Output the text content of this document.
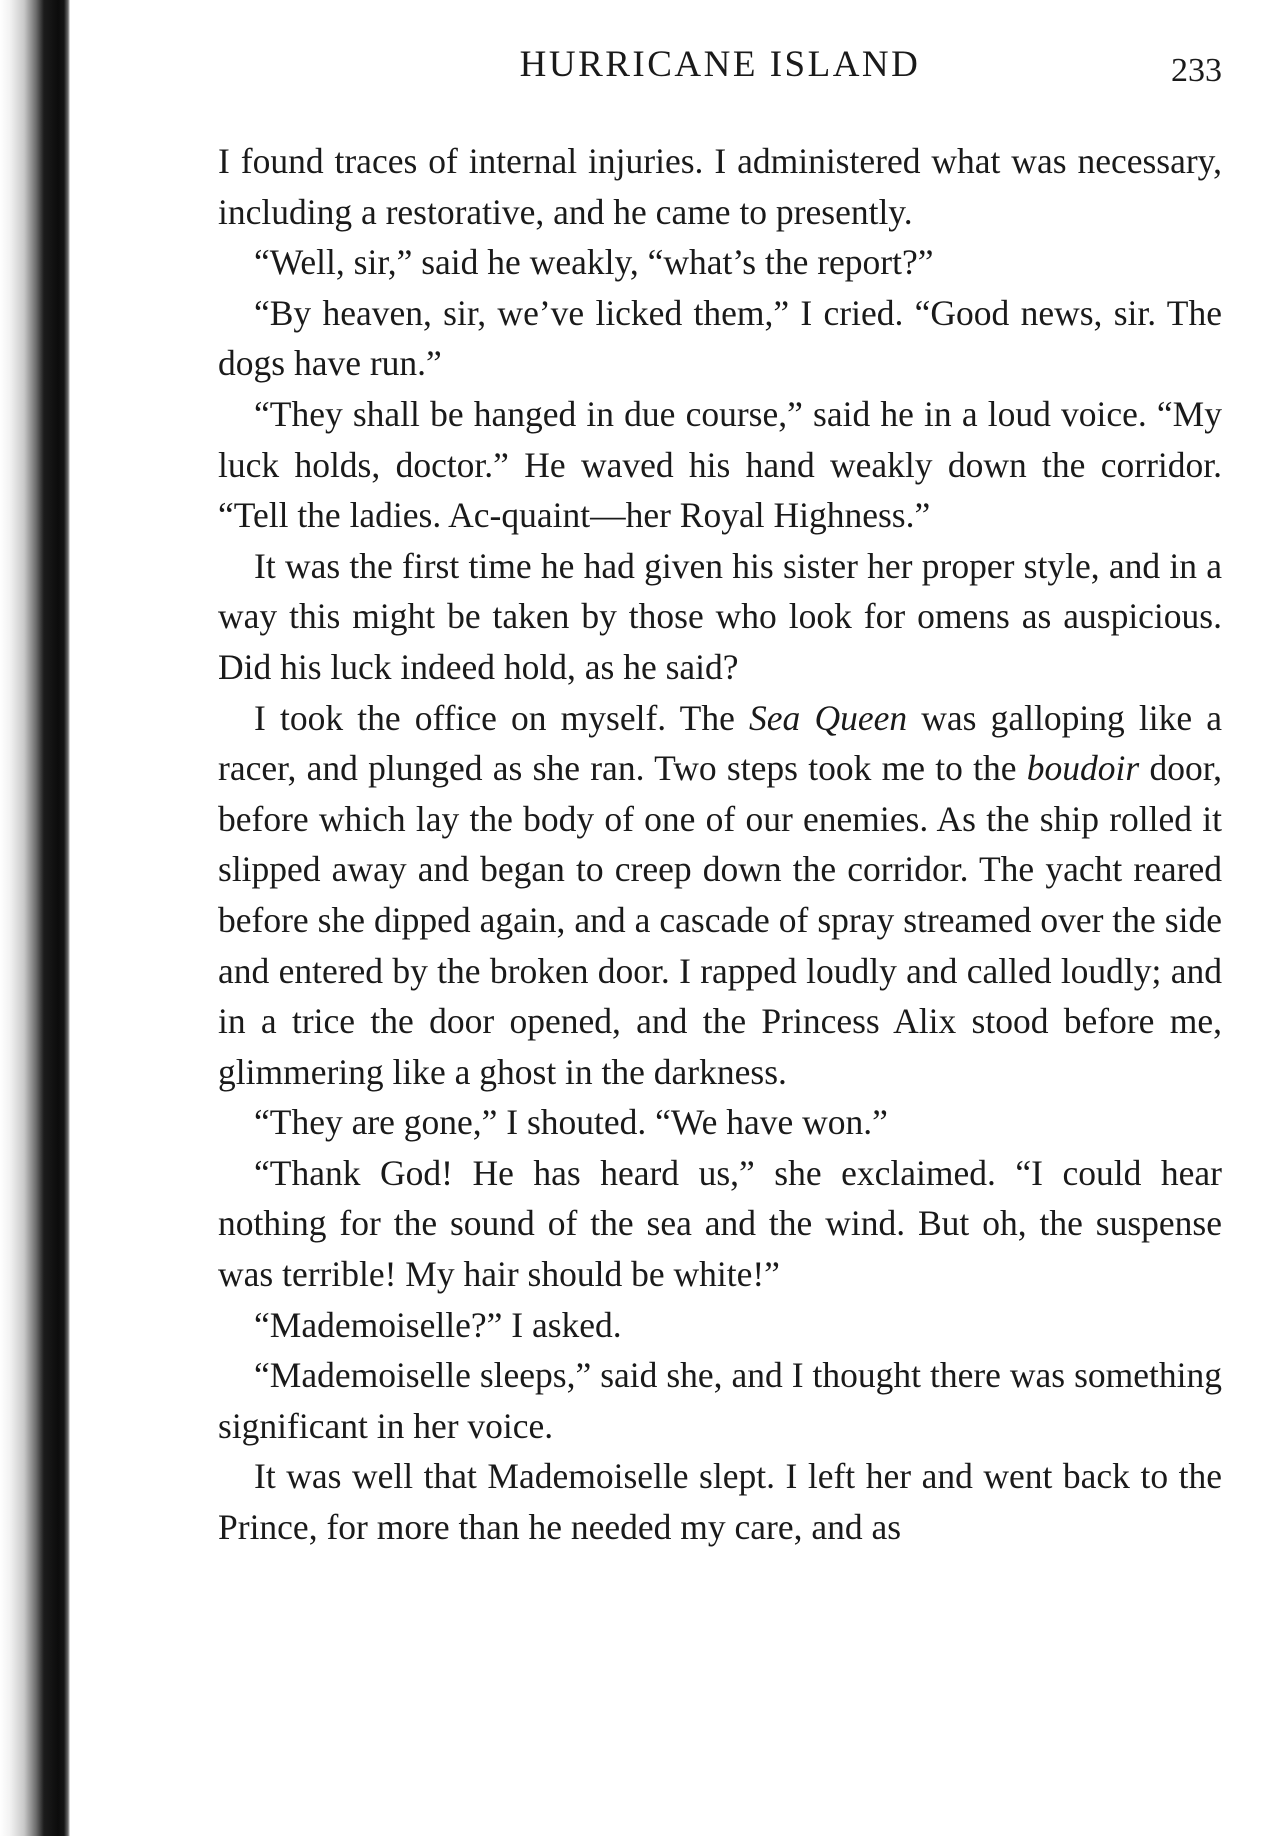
HURRICANE ISLAND	233

I found traces of internal injuries. I administered what was necessary, including a restorative, and he came to presently.

“Well, sir,” said he weakly, “what’s the report?”

“By heaven, sir, we’ve licked them,” I cried. “Good news, sir. The dogs have run.”

“They shall be hanged in due course,” said he in a loud voice. “My luck holds, doctor.” He waved his hand weakly down the corridor. “Tell the ladies. Ac-quaint—her Royal Highness.”

It was the first time he had given his sister her proper style, and in a way this might be taken by those who look for omens as auspicious. Did his luck indeed hold, as he said?

I took the office on myself. The Sea Queen was galloping like a racer, and plunged as she ran. Two steps took me to the boudoir door, before which lay the body of one of our enemies. As the ship rolled it slipped away and began to creep down the corridor. The yacht reared before she dipped again, and a cascade of spray streamed over the side and entered by the broken door. I rapped loudly and called loudly; and in a trice the door opened, and the Princess Alix stood before me, glimmering like a ghost in the darkness.

“They are gone,” I shouted. “We have won.”

“Thank God! He has heard us,” she exclaimed. “I could hear nothing for the sound of the sea and the wind. But oh, the suspense was terrible! My hair should be white!”

“Mademoiselle?” I asked.

“Mademoiselle sleeps,” said she, and I thought there was something significant in her voice.

It was well that Mademoiselle slept. I left her and went back to the Prince, for more than he needed my care, and as
